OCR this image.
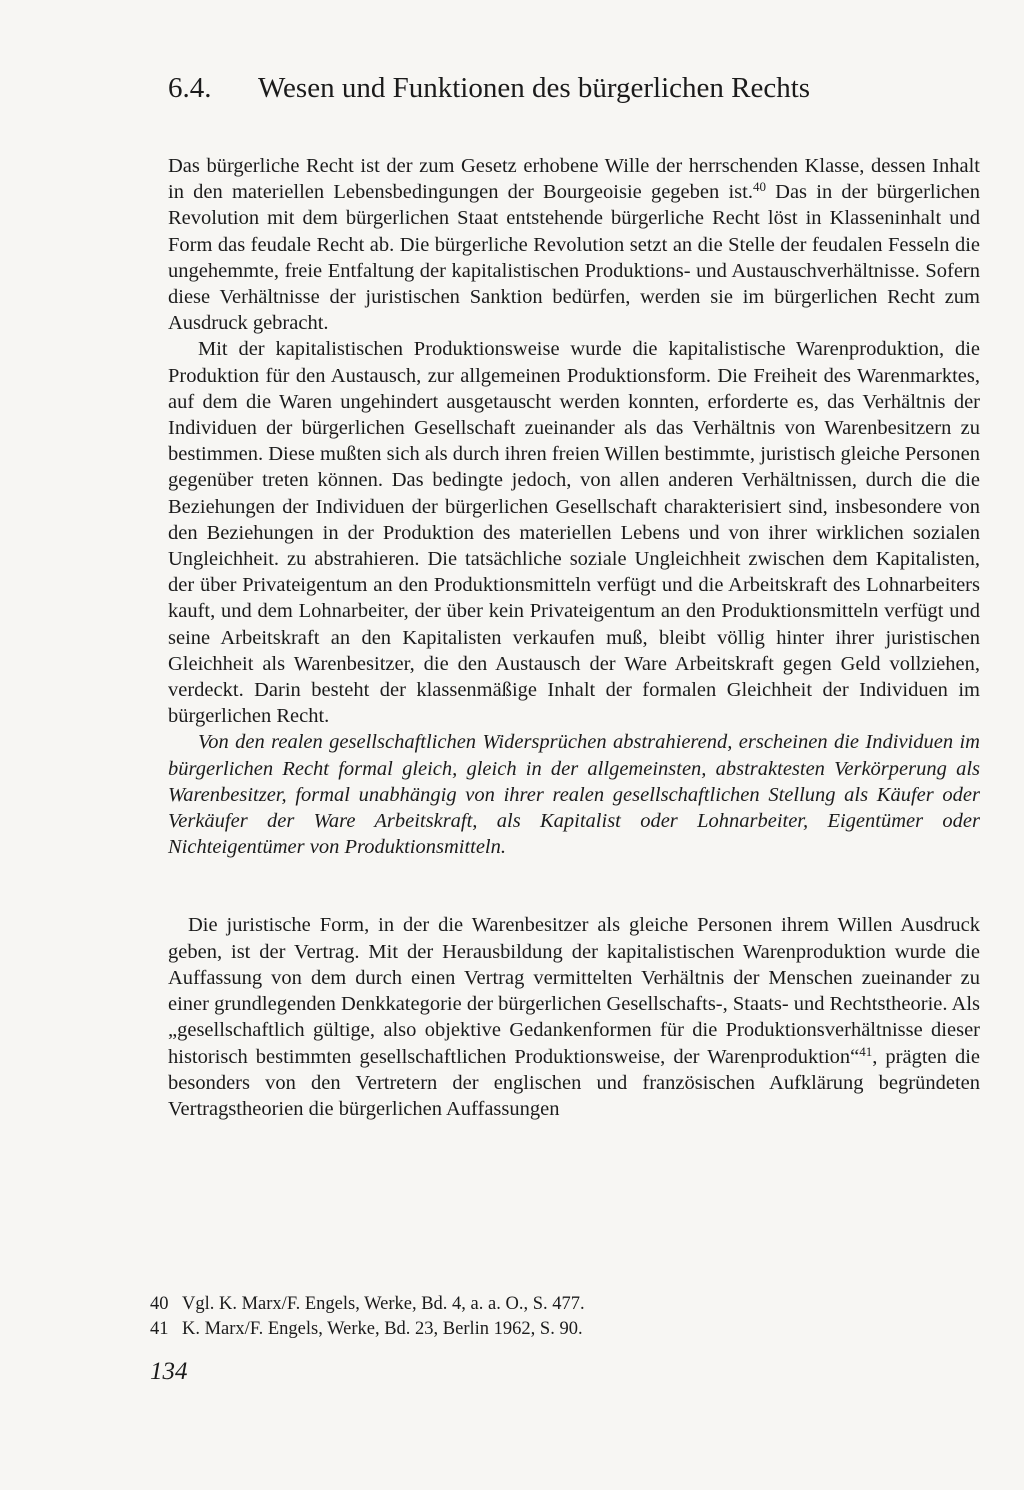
6.4. Wesen und Funktionen des bürgerlichen Rechts

Das bürgerliche Recht ist der zum Gesetz erhobene Wille der herrschenden Klasse, dessen Inhalt in den materiellen Lebensbedingungen der Bourgeoisie gegeben ist.$^{40}$ Das in der bürgerlichen Revolution mit dem bürgerlichen Staat entstehende bürgerliche Recht löst in Klasseninhalt und Form das feudale Recht ab. Die bürgerliche Revolution setzt an die Stelle der feudalen Fesseln die ungehemmte, freie Entfaltung der kapitalistischen Produktions- und Austauschverhältnisse. Sofern diese Verhältnisse der juristischen Sanktion bedürfen, werden sie im bürgerlichen Recht zum Ausdruck gebracht.

Mit der kapitalistischen Produktionsweise wurde die kapitalistische Warenproduktion, die Produktion für den Austausch, zur allgemeinen Produktionsform. Die Freiheit des Warenmarktes, auf dem die Waren ungehindert ausgetauscht werden konnten, erforderte es, das Verhältnis der Individuen der bürgerlichen Gesellschaft zueinander als das Verhältnis von Warenbesitzern zu bestimmen. Diese mußten sich als durch ihren freien Willen bestimmte, juristisch gleiche Personen gegenüber treten können. Das bedingte jedoch, von allen anderen Verhältnissen, durch die die Beziehungen der Individuen der bürgerlichen Gesellschaft charakterisiert sind, insbesondere von den Beziehungen in der Produktion des materiellen Lebens und von ihrer wirklichen sozialen Ungleichheit. zu abstrahieren. Die tatsächliche soziale Ungleichheit zwischen dem Kapitalisten, der über Privateigentum an den Produktionsmitteln verfügt und die Arbeitskraft des Lohnarbeiters kauft, und dem Lohnarbeiter, der über kein Privateigentum an den Produktionsmitteln verfügt und seine Arbeitskraft an den Kapitalisten verkaufen muß, bleibt völlig hinter ihrer juristischen Gleichheit als Warenbesitzer, die den Austausch der Ware Arbeitskraft gegen Geld vollziehen, verdeckt. Darin besteht der klassenmäßige Inhalt der formalen Gleichheit der Individuen im bürgerlichen Recht.

Von den realen gesellschaftlichen Widersprüchen abstrahierend, erscheinen die Individuen im bürgerlichen Recht formal gleich, gleich in der allgemeinsten, abstraktesten Verkörperung als Warenbesitzer, formal unabhängig von ihrer realen gesellschaftlichen Stellung als Käufer oder Verkäufer der Ware Arbeitskraft, als Kapitalist oder Lohnarbeiter, Eigentümer oder Nichteigentümer von Produktionsmitteln.

Die juristische Form, in der die Warenbesitzer als gleiche Personen ihrem Willen Ausdruck geben, ist der Vertrag. Mit der Herausbildung der kapitalistischen Warenproduktion wurde die Auffassung von dem durch einen Vertrag vermittelten Verhältnis der Menschen zueinander zu einer grundlegenden Denkkategorie der bürgerlichen Gesellschafts-, Staats- und Rechtstheorie. Als „gesellschaftlich gültige, also objektive Gedankenformen für die Produktionsverhältnisse dieser historisch bestimmten gesellschaftlichen Produktionsweise, der Warenproduktion“$^{41}$, prägten die besonders von den Vertretern der englischen und französischen Aufklärung begründeten Vertragstheorien die bürgerlichen Auffassungen

40 Vgl. K. Marx/F. Engels, Werke, Bd. 4, a. a. O., S. 477.
41 K. Marx/F. Engels, Werke, Bd. 23, Berlin 1962, S. 90.
134
